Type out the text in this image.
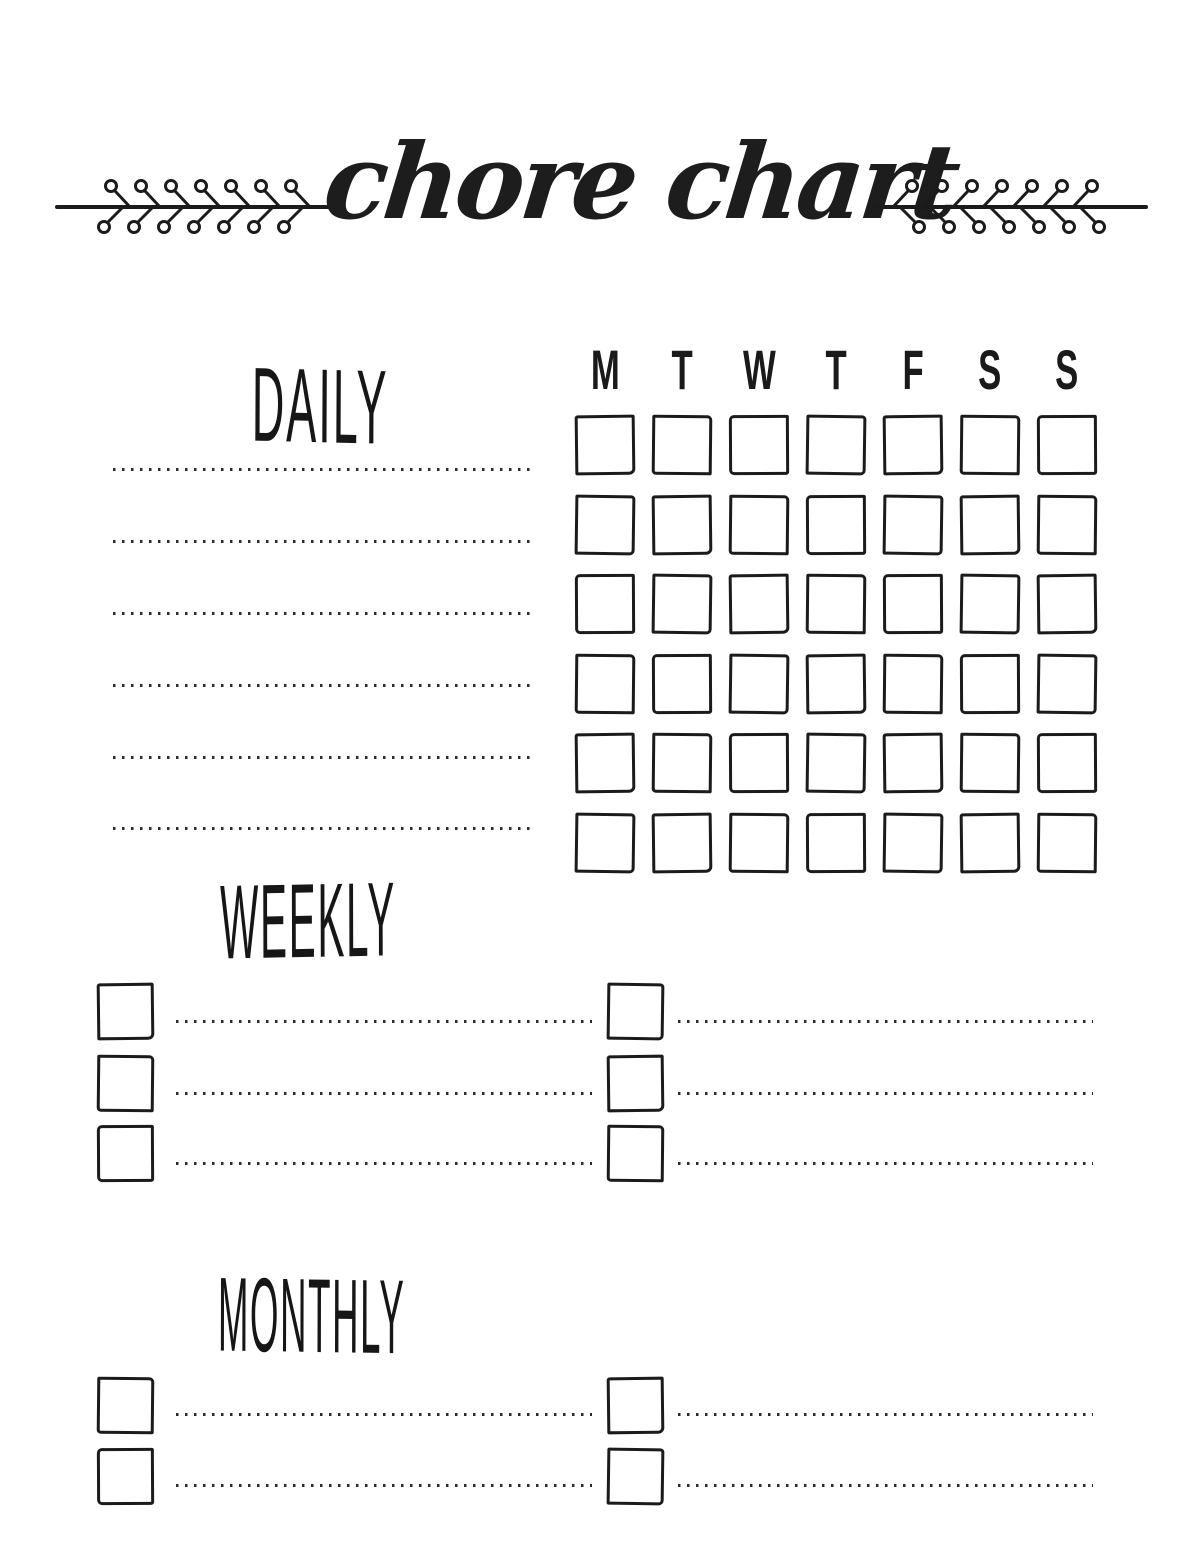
chore chart
DAILY	M T W T F S S
WEEKLY
MONTHLY
